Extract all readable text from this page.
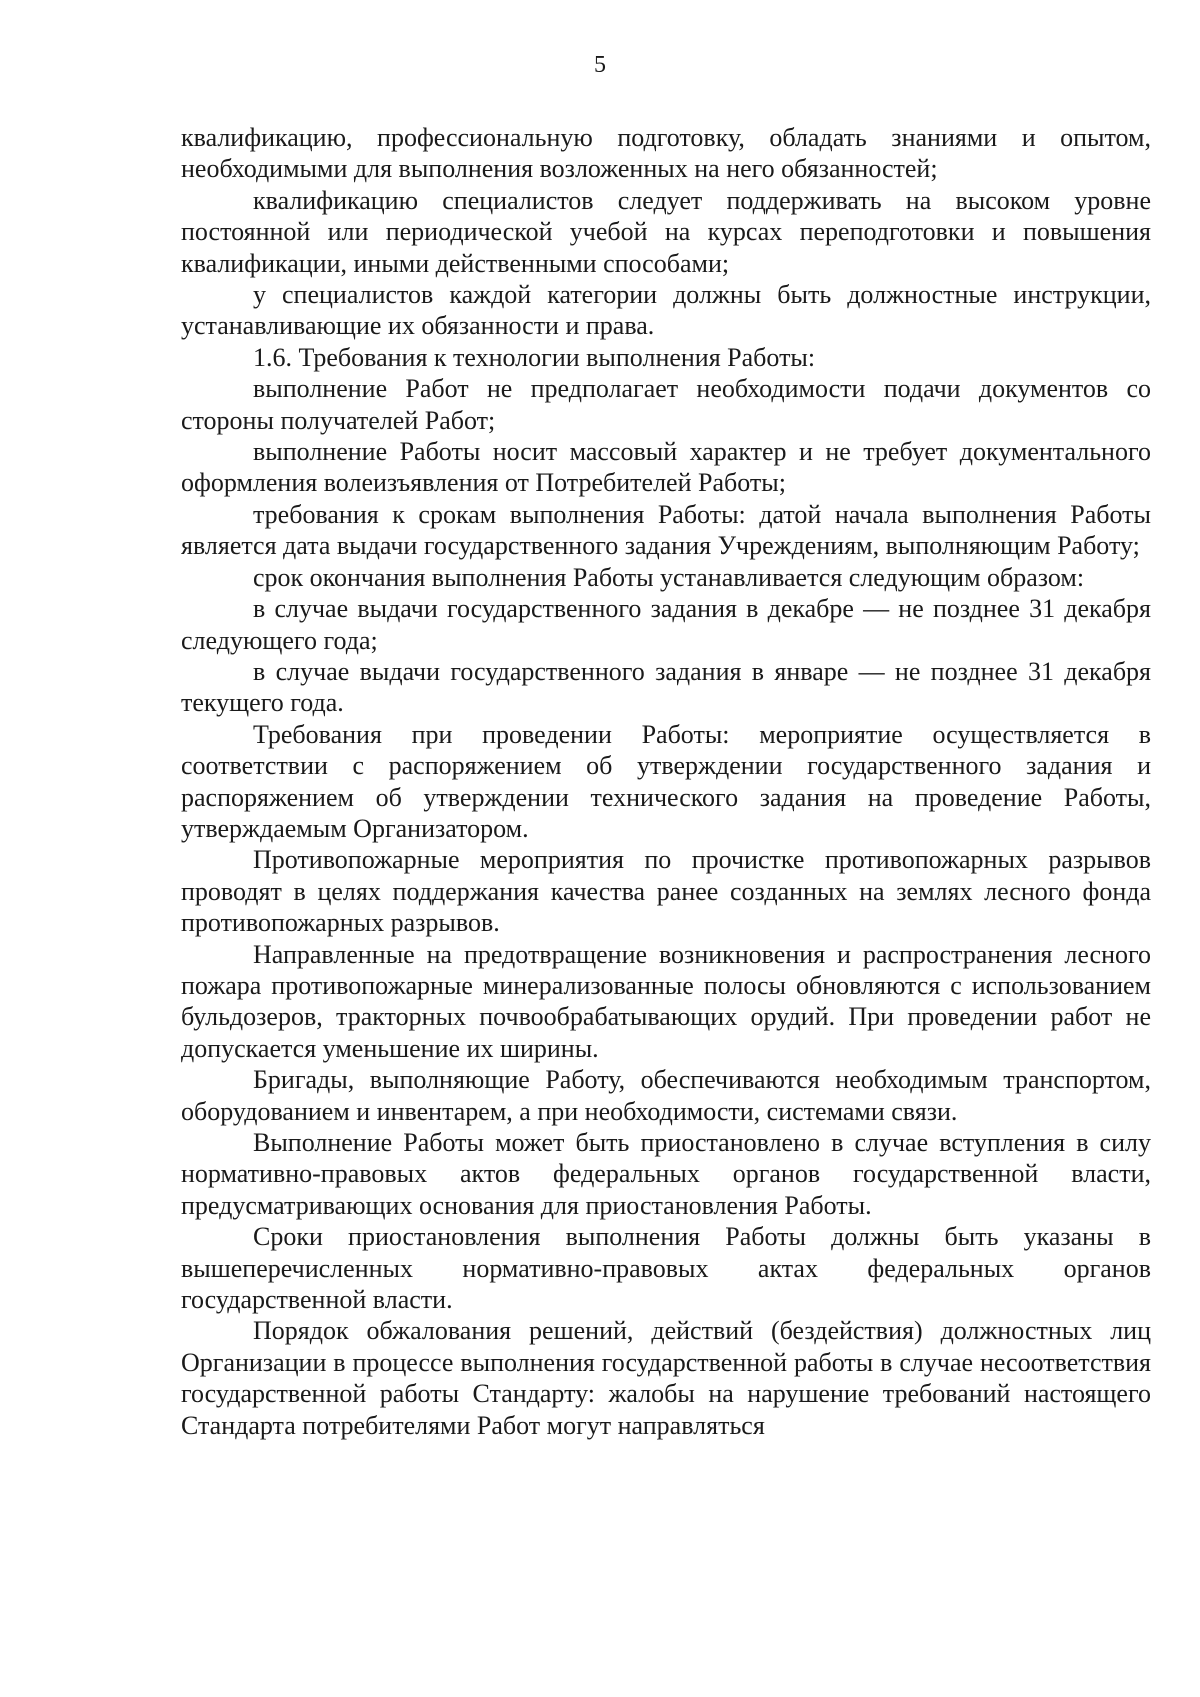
5

квалификацию, профессиональную подготовку, обладать знаниями и опытом, необходимыми для выполнения возложенных на него обязанностей;

квалификацию специалистов следует поддерживать на высоком уровне постоянной или периодической учебой на курсах переподготовки и повышения квалификации, иными действенными способами;

у специалистов каждой категории должны быть должностные инструкции, устанавливающие их обязанности и права.

1.6. Требования к технологии выполнения Работы:

выполнение Работ не предполагает необходимости подачи документов со стороны получателей Работ;

выполнение Работы носит массовый характер и не требует документального оформления волеизъявления от Потребителей Работы;

требования к срокам выполнения Работы: датой начала выполнения Работы является дата выдачи государственного задания Учреждениям, выполняющим Работу;

срок окончания выполнения Работы устанавливается следующим образом:

в случае выдачи государственного задания в декабре — не позднее 31 декабря следующего года;

в случае выдачи государственного задания в январе — не позднее 31 декабря текущего года.

Требования при проведении Работы: мероприятие осуществляется в соответствии с распоряжением об утверждении государственного задания и распоряжением об утверждении технического задания на проведение Работы, утверждаемым Организатором.

Противопожарные мероприятия по прочистке противопожарных разрывов проводят в целях поддержания качества ранее созданных на землях лесного фонда противопожарных разрывов.

Направленные на предотвращение возникновения и распространения лесного пожара противопожарные минерализованные полосы обновляются с использованием бульдозеров, тракторных почвообрабатывающих орудий. При проведении работ не допускается уменьшение их ширины.

Бригады, выполняющие Работу, обеспечиваются необходимым транспортом, оборудованием и инвентарем, а при необходимости, системами связи.

Выполнение Работы может быть приостановлено в случае вступления в силу нормативно-правовых актов федеральных органов государственной власти, предусматривающих основания для приостановления Работы.

Сроки приостановления выполнения Работы должны быть указаны в вышеперечисленных нормативно-правовых актах федеральных органов государственной власти.

Порядок обжалования решений, действий (бездействия) должностных лиц Организации в процессе выполнения государственной работы в случае несоответствия государственной работы Стандарту: жалобы на нарушение требований настоящего Стандарта потребителями Работ могут направляться
